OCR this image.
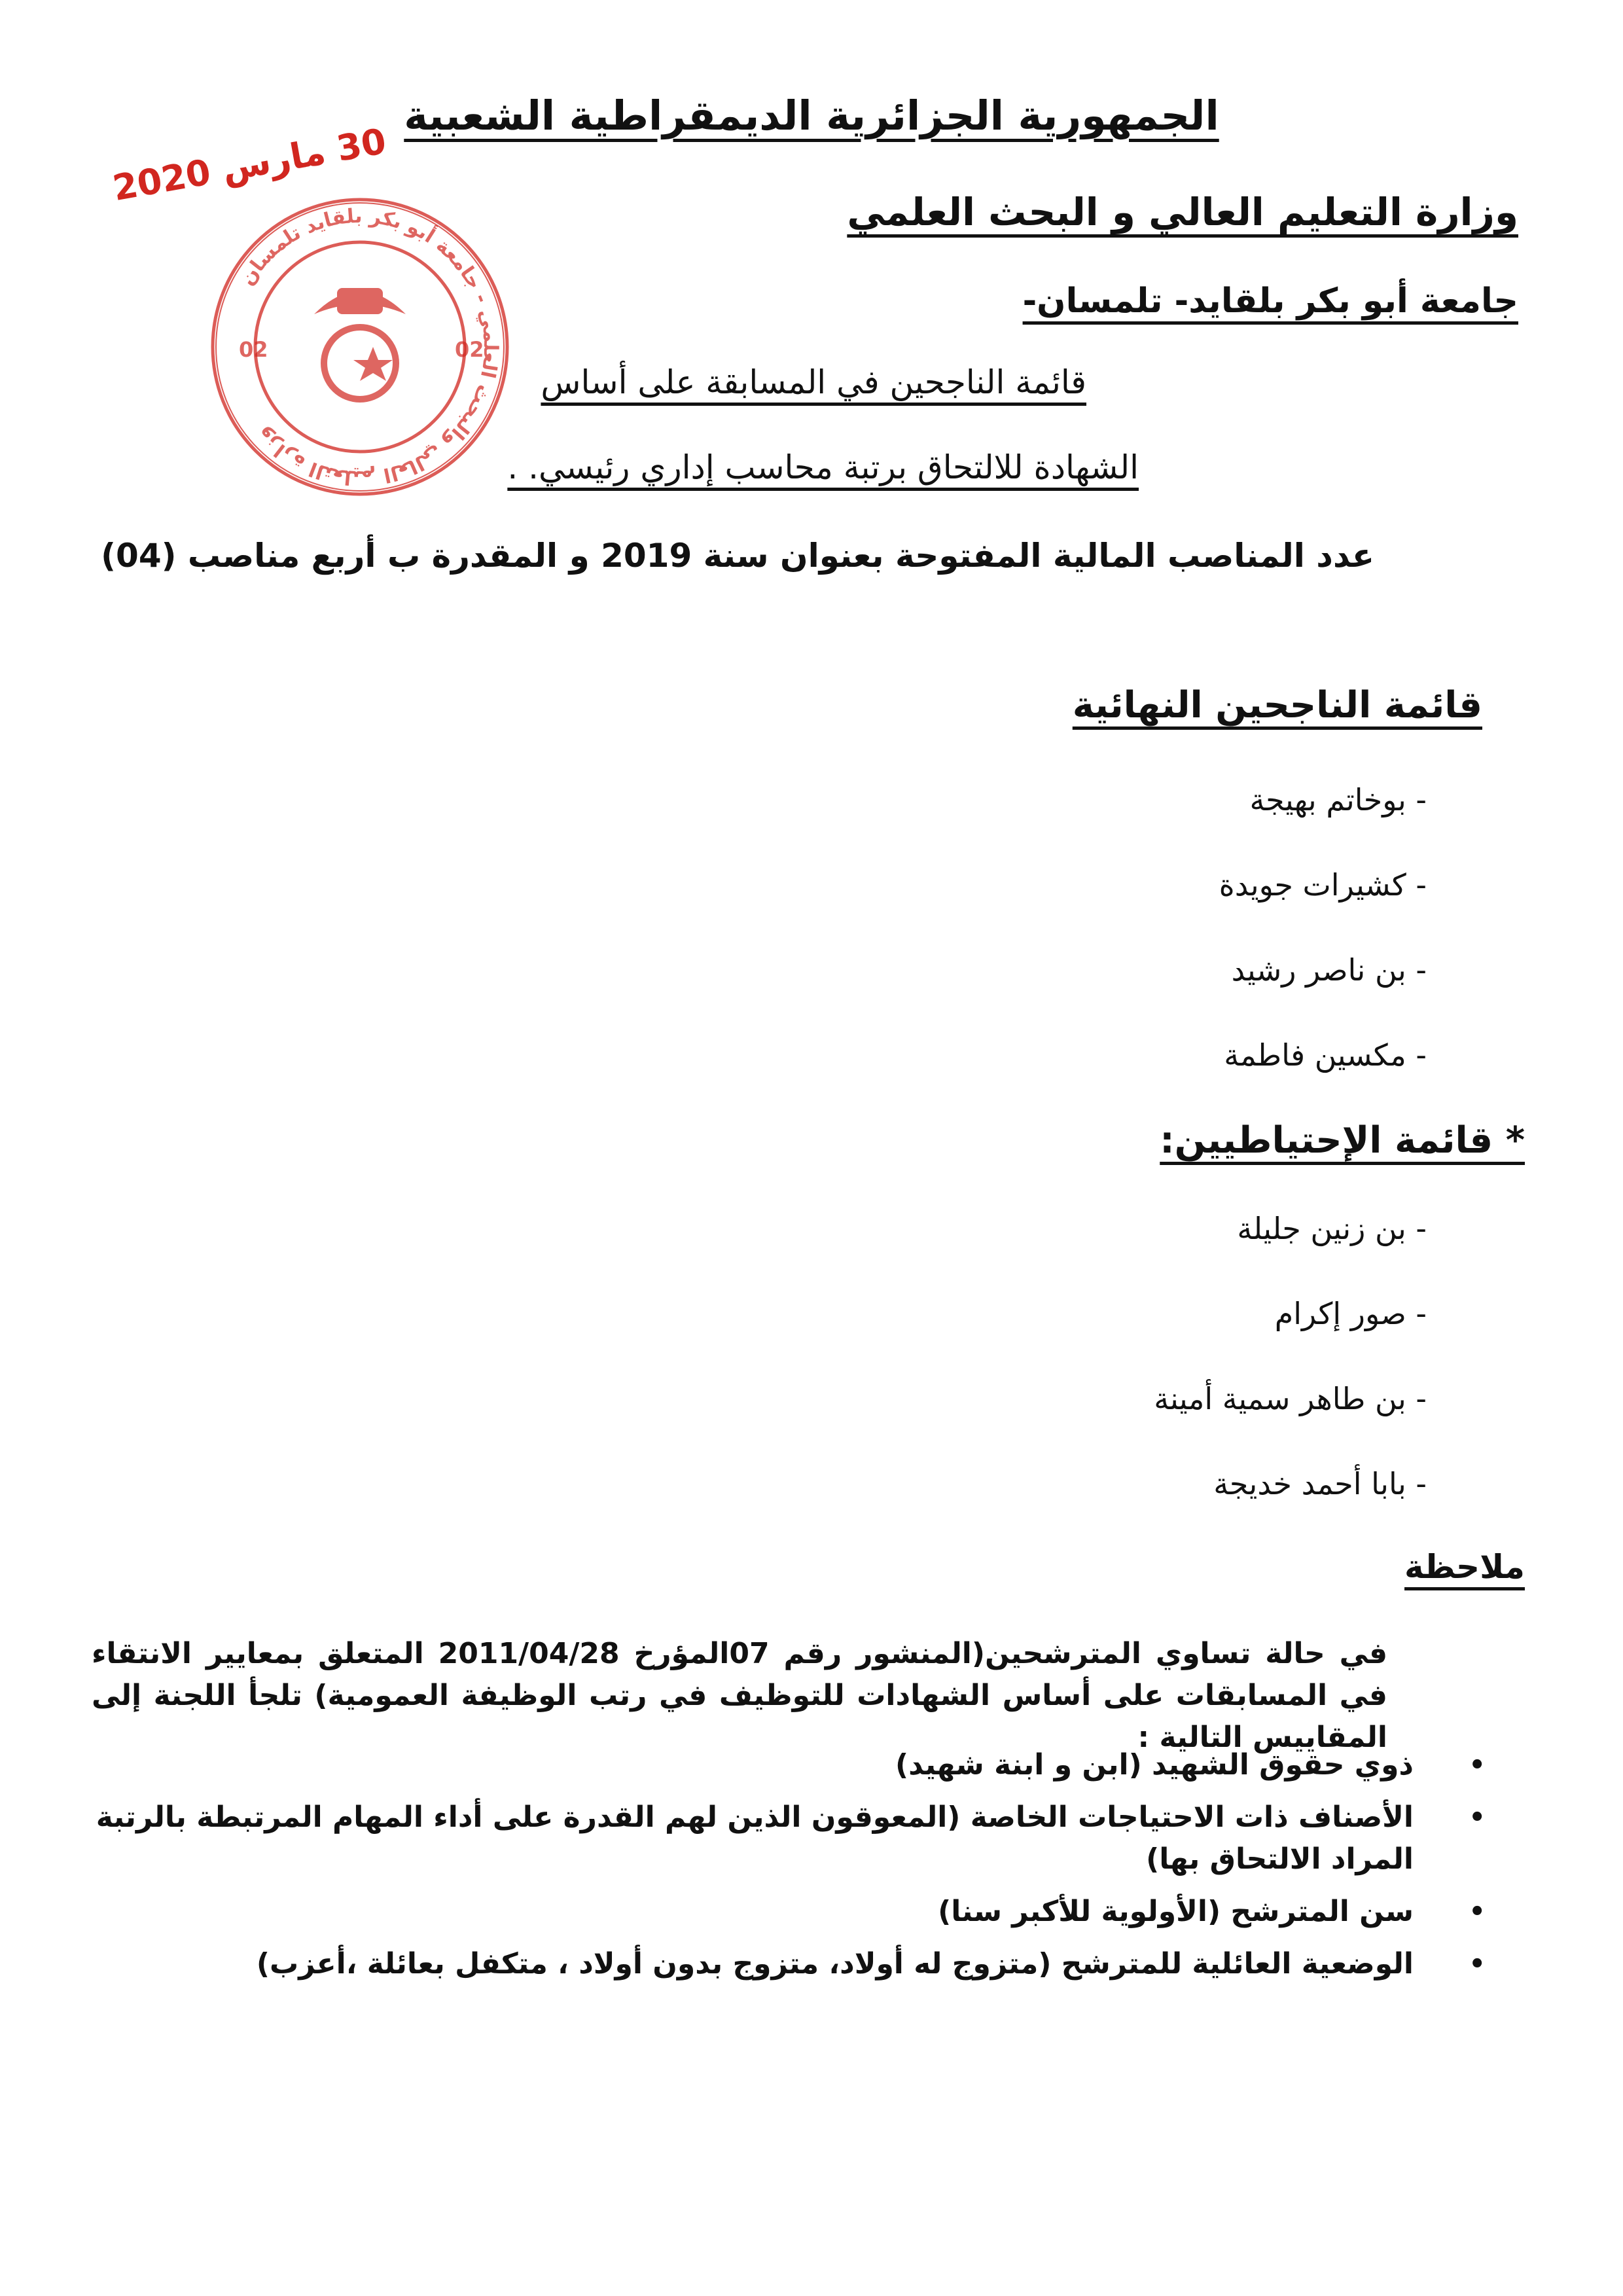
الجمهورية الجزائرية الديمقراطية الشعبية
وزارة التعليم العالي و البحث العلمي
جامعة أبو بكر بلقايد- تلمسان-
قائمة الناجحين في المسابقة على أساس
الشهادة للالتحاق برتبة محاسب إداري رئيسي. .
عدد المناصب المالية المفتوحة بعنوان سنة 2019 و المقدرة ب أربع مناصب (04)
وزارة التعليم العالي والبحث العلمي - جامعة أبو بكر بلقايد تلمسان
02	02
30 مارس 2020
قائمة الناجحين النهائية
- بوخاتم بهيجة
- كشيرات جويدة
- بن ناصر رشيد
- مكسين فاطمة
* قائمة الإحتياطيين:
- بن زنين جليلة
- صور إكرام
- بن طاهر سمية أمينة
- بابا أحمد خديجة
ملاحظة

في حالة تساوي المترشحين(المنشور رقم 07المؤرخ 2011/04/28 المتعلق بمعايير الانتقاء في المسابقات على أساس الشهادات للتوظيف في رتب الوظيفة العمومية) تلجأ اللجنة إلى المقاييس التالية :

•
ذوي حقوق الشهيد (ابن و ابنة شهيد)
•
الأصناف ذات الاحتياجات الخاصة (المعوقون الذين لهم القدرة على أداء المهام المرتبطة بالرتبة المراد الالتحاق بها)
•
سن المترشح (الأولوية للأكبر سنا)
•
الوضعية العائلية للمترشح (متزوج له أولاد، متزوج بدون أولاد ، متكفل بعائلة ،أعزب)
